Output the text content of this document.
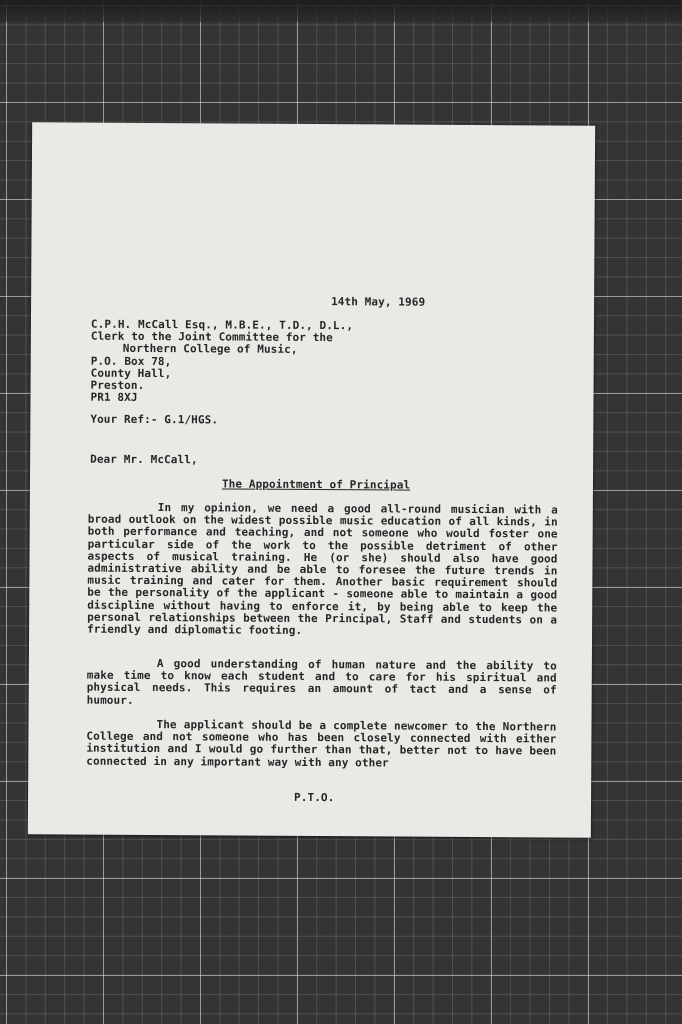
14th May, 1969
C.P.H. McCall Esq., M.B.E., T.D., D.L.,
Clerk to the Joint Committee for the
Northern College of Music,
P.O. Box 78,
County Hall,
Preston.
PR1 8XJ
Your Ref:- G.1/HGS.
Dear Mr. McCall,
The Appointment of Principal

In my opinion, we need a good all-round musician with a broad outlook on the widest possible music education of all kinds, in both performance and teaching, and not someone who would foster one particular side of the work to the possible detriment of other aspects of musical training. He (or she) should also have good administrative ability and be able to foresee the future trends in music training and cater for them. Another basic requirement should be the personality of the applicant - someone able to maintain a good discipline without having to enforce it, by being able to keep the personal relationships between the Principal, Staff and students on a friendly and diplomatic footing.

A good understanding of human nature and the ability to make time to know each student and to care for his spiritual and physical needs. This requires an amount of tact and a sense of humour.

The applicant should be a complete newcomer to the Northern College and not someone who has been closely connected with either institution and I would go further than that, better not to have been connected in any important way with any other

P.T.O.
